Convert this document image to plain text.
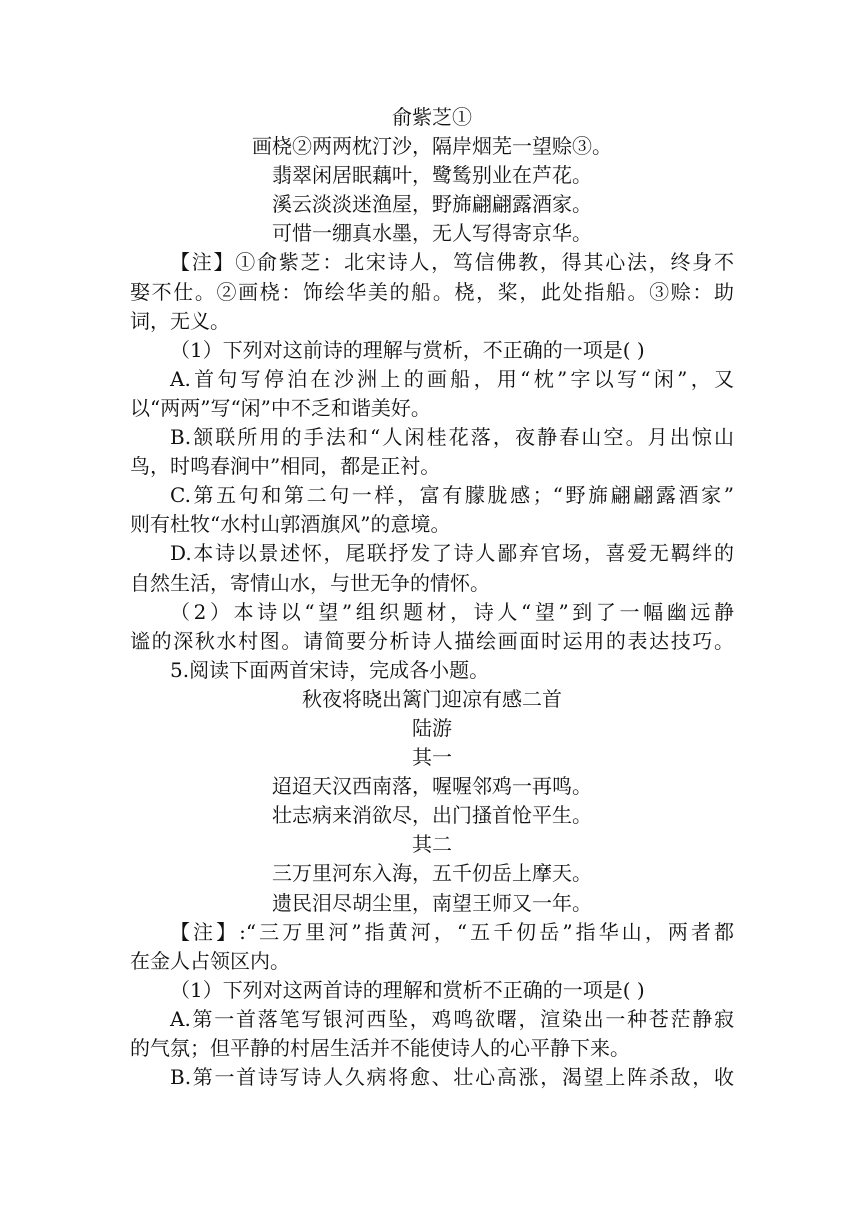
俞紫芝①
画桡②两两枕汀沙，隔岸烟芜一望赊③。
翡翠闲居眠藕叶，鹭鸶别业在芦花。
溪云淡淡迷渔屋，野旆翩翩露酒家。
可惜一绷真水墨，无人写得寄京华。
【注】①俞紫芝：北宋诗人，笃信佛教，得其心法，终身不
娶不仕。②画桡：饰绘华美的船。桡，桨，此处指船。③赊：助
词，无义。
（1）下列对这前诗的理解与赏析，不正确的一项是( )
A.首句写停泊在沙洲上的画船，用“枕”字以写“闲”，又
以“两两”写“闲”中不乏和谐美好。
B.颔联所用的手法和“人闲桂花落，夜静春山空。月出惊山
鸟，时鸣春涧中”相同，都是正衬。
C.第五句和第二句一样，富有朦胧感；“野旆翩翩露酒家”
则有杜牧“水村山郭酒旗风”的意境。
D.本诗以景述怀，尾联抒发了诗人鄙弃官场，喜爱无羁绊的
自然生活，寄情山水，与世无争的情怀。
（2）本诗以“望”组织题材，诗人“望”到了一幅幽远静
谧的深秋水村图。请简要分析诗人描绘画面时运用的表达技巧。
5.阅读下面两首宋诗，完成各小题。
秋夜将晓出篱门迎凉有感二首
陆游
其一
迢迢天汉西南落，喔喔邻鸡一再鸣。
壮志病来消欲尽，出门搔首怆平生。
其二
三万里河东入海，五千仞岳上摩天。
遗民泪尽胡尘里，南望王师又一年。
【注】:“三万里河”指黄河，“五千仞岳”指华山，两者都
在金人占领区内。
（1）下列对这两首诗的理解和赏析不正确的一项是( )
A.第一首落笔写银河西坠，鸡鸣欲曙，渲染出一种苍茫静寂
的气氛；但平静的村居生活并不能使诗人的心平静下来。
B.第一首诗写诗人久病将愈、壮心高涨，渴望上阵杀敌，收
